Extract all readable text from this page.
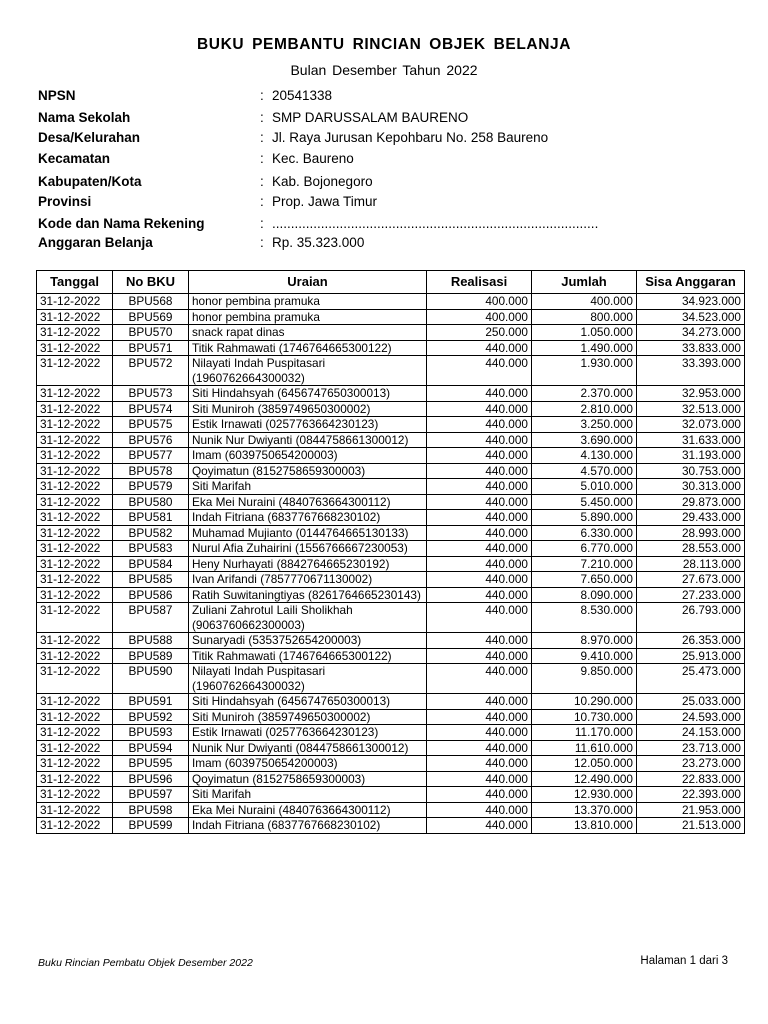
BUKU PEMBANTU RINCIAN OBJEK BELANJA
Bulan Desember Tahun 2022
NPSN	: 20541338
Nama Sekolah	: SMP DARUSSALAM BAURENO
Desa/Kelurahan	: Jl. Raya Jurusan Kepohbaru No. 258 Baureno
Kecamatan	: Kec. Baureno
Kabupaten/Kota	: Kab. Bojonegoro
Provinsi	: Prop. Jawa Timur
Kode dan Nama Rekening	: .......................................................................................
Anggaran Belanja	: Rp. 35.323.000
Tanggal	No BKU	Uraian	Realisasi	Jumlah	Sisa Anggaran
31-12-2022	BPU568	honor pembina pramuka	400.000	400.000	34.923.000
31-12-2022	BPU569	honor pembina pramuka	400.000	800.000	34.523.000
31-12-2022	BPU570	snack rapat dinas	250.000	1.050.000	34.273.000
31-12-2022	BPU571	Titik Rahmawati (1746764665300122)	440.000	1.490.000	33.833.000
31-12-2022	BPU572	Nilayati Indah Puspitasari (1960762664300032)	440.000	1.930.000	33.393.000
31-12-2022	BPU573	Siti Hindahsyah (6456747650300013)	440.000	2.370.000	32.953.000
31-12-2022	BPU574	Siti Muniroh (3859749650300002)	440.000	2.810.000	32.513.000
31-12-2022	BPU575	Estik Irnawati (0257763664230123)	440.000	3.250.000	32.073.000
31-12-2022	BPU576	Nunik Nur Dwiyanti (0844758661300012)	440.000	3.690.000	31.633.000
31-12-2022	BPU577	Imam (6039750654200003)	440.000	4.130.000	31.193.000
31-12-2022	BPU578	Qoyimatun (8152758659300003)	440.000	4.570.000	30.753.000
31-12-2022	BPU579	Siti Marifah	440.000	5.010.000	30.313.000
31-12-2022	BPU580	Eka Mei Nuraini (4840763664300112)	440.000	5.450.000	29.873.000
31-12-2022	BPU581	Indah Fitriana (6837767668230102)	440.000	5.890.000	29.433.000
31-12-2022	BPU582	Muhamad Mujianto (0144764665130133)	440.000	6.330.000	28.993.000
31-12-2022	BPU583	Nurul Afia Zuhairini (1556766667230053)	440.000	6.770.000	28.553.000
31-12-2022	BPU584	Heny Nurhayati (8842764665230192)	440.000	7.210.000	28.113.000
31-12-2022	BPU585	Ivan Arifandi (7857770671130002)	440.000	7.650.000	27.673.000
31-12-2022	BPU586	Ratih Suwitaningtiyas (8261764665230143)	440.000	8.090.000	27.233.000
31-12-2022	BPU587	Zuliani Zahrotul Laili Sholikhah (9063760662300003)	440.000	8.530.000	26.793.000
31-12-2022	BPU588	Sunaryadi (5353752654200003)	440.000	8.970.000	26.353.000
31-12-2022	BPU589	Titik Rahmawati (1746764665300122)	440.000	9.410.000	25.913.000
31-12-2022	BPU590	Nilayati Indah Puspitasari (1960762664300032)	440.000	9.850.000	25.473.000
31-12-2022	BPU591	Siti Hindahsyah (6456747650300013)	440.000	10.290.000	25.033.000
31-12-2022	BPU592	Siti Muniroh (3859749650300002)	440.000	10.730.000	24.593.000
31-12-2022	BPU593	Estik Irnawati (0257763664230123)	440.000	11.170.000	24.153.000
31-12-2022	BPU594	Nunik Nur Dwiyanti (0844758661300012)	440.000	11.610.000	23.713.000
31-12-2022	BPU595	Imam (6039750654200003)	440.000	12.050.000	23.273.000
31-12-2022	BPU596	Qoyimatun (8152758659300003)	440.000	12.490.000	22.833.000
31-12-2022	BPU597	Siti Marifah	440.000	12.930.000	22.393.000
31-12-2022	BPU598	Eka Mei Nuraini (4840763664300112)	440.000	13.370.000	21.953.000
31-12-2022	BPU599	Indah Fitriana (6837767668230102)	440.000	13.810.000	21.513.000
Buku Rincian Pembatu Objek Desember 2022	Halaman 1 dari 3
